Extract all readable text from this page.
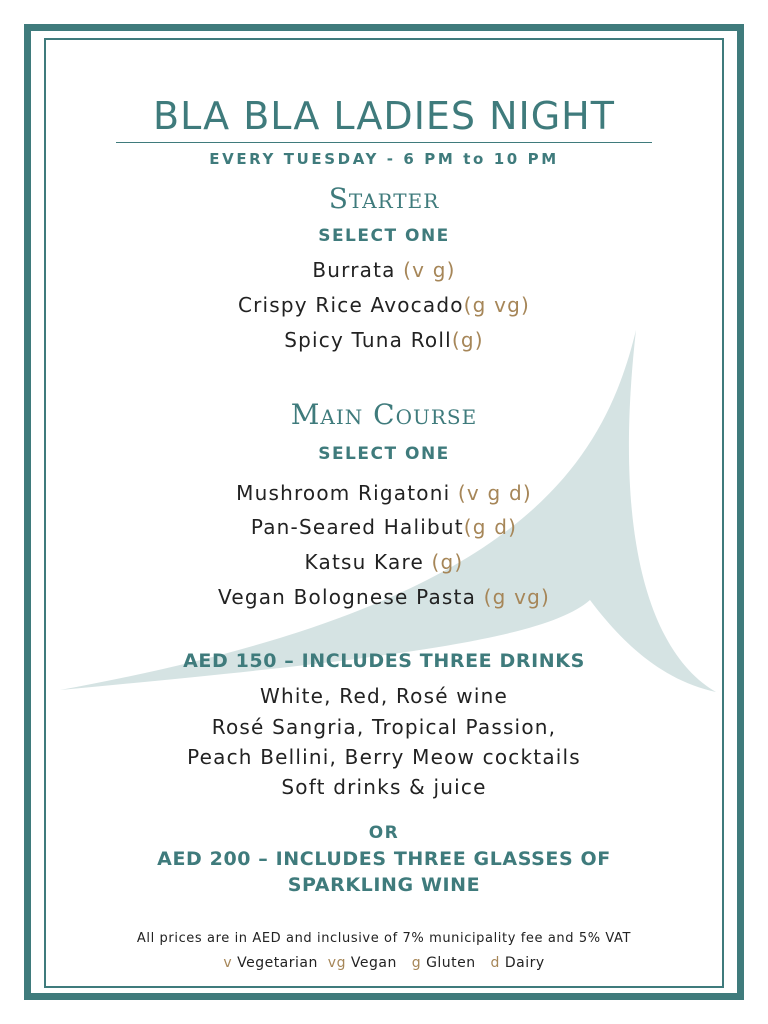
BLA BLA LADIES NIGHT
EVERY TUESDAY - 6 PM to 10 PM
Starter
SELECT ONE
Burrata (v g)
Crispy Rice Avocado(g vg)
Spicy Tuna Roll(g)
Main Course
SELECT ONE
Mushroom Rigatoni (v g d)
Pan-Seared Halibut(g d)
Katsu Kare (g)
Vegan Bolognese Pasta (g vg)
AED 150 – INCLUDES THREE DRINKS
White, Red, Rosé wine
Rosé Sangria, Tropical Passion,
Peach Bellini, Berry Meow cocktails
Soft drinks & juice
OR
AED 200 – INCLUDES THREE GLASSES OF
SPARKLING WINE
All prices are in AED and inclusive of 7% municipality fee and 5% VAT
v Vegetarian vg Vegan g Gluten d Dairy
